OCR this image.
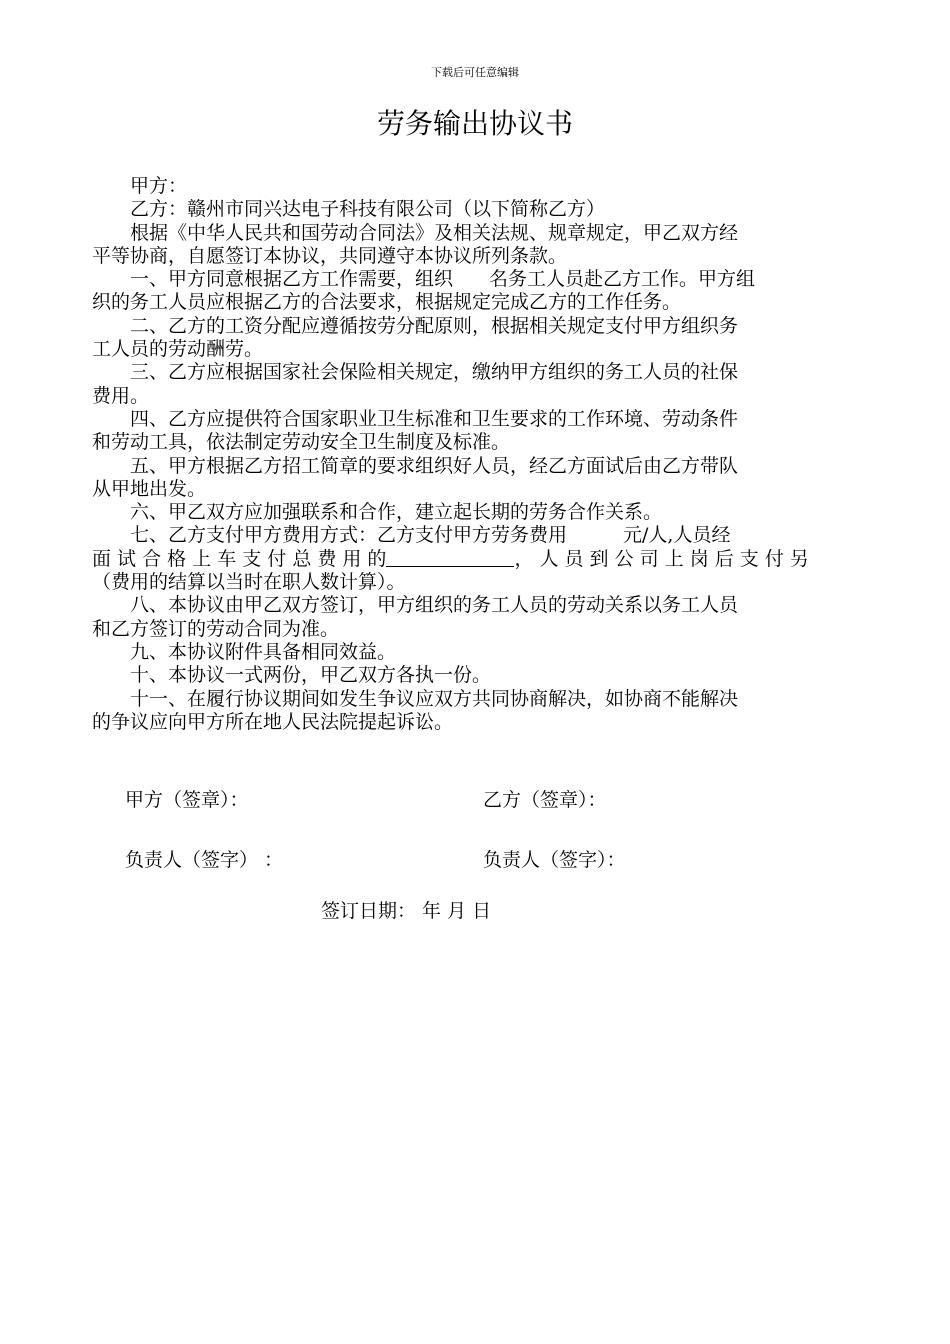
下载后可任意编辑
劳务输出协议书

甲方：

乙方：赣州市同兴达电子科技有限公司（以下简称乙方）

根据《中华人民共和国劳动合同法》及相关法规、规章规定，甲乙双方经

平等协商，自愿签订本协议，共同遵守本协议所列条款。

一、甲方同意根据乙方工作需要，组织 名务工人员赴乙方工作。甲方组

织的务工人员应根据乙方的合法要求，根据规定完成乙方的工作任务。

二、乙方的工资分配应遵循按劳分配原则，根据相关规定支付甲方组织务

工人员的劳动酬劳。

三、乙方应根据国家社会保险相关规定，缴纳甲方组织的务工人员的社保

费用。

四、乙方应提供符合国家职业卫生标准和卫生要求的工作环境、劳动条件

和劳动工具，依法制定劳动安全卫生制度及标准。

五、甲方根据乙方招工简章的要求组织好人员，经乙方面试后由乙方带队

从甲地出发。

六、甲乙双方应加强联系和合作，建立起长期的劳务合作关系。

七、乙方支付甲方费用方式：乙方支付甲方劳务费用	元/人,人员经

面 试 合 格 上 车 支 付 总 费 用 的	， 人 员 到 公 司 上 岗 后 支 付 另

（费用的结算以当时在职人数计算）。

八、本协议由甲乙双方签订，甲方组织的务工人员的劳动关系以务工人员

和乙方签订的劳动合同为准。

九、本协议附件具备相同效益。

十、本协议一式两份，甲乙双方各执一份。

十一、在履行协议期间如发生争议应双方共同协商解决，如协商不能解决

的争议应向甲方所在地人民法院提起诉讼。

甲方（签章）：	乙方（签章）：
负责人（签字） ：	负责人（签字）：
签订日期： 年 月 日
